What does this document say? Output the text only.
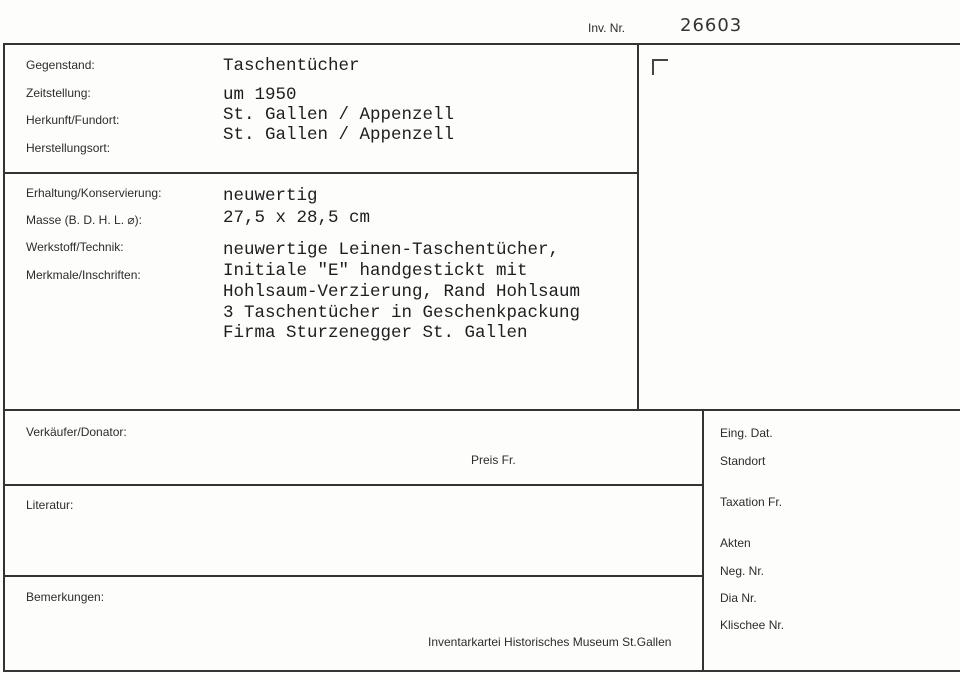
Inv. Nr.	26603
Gegenstand:
Zeitstellung:
Herkunft/Fundort:
Herstellungsort:
Taschentücher
um 1950
St. Gallen / Appenzell
St. Gallen / Appenzell
Erhaltung/Konservierung:
Masse (B. D. H. L. ⌀):
Werkstoff/Technik:
Merkmale/Inschriften:
neuwertig
27,5 x 28,5 cm
neuwertige Leinen-Taschentücher,
Initiale "E" handgestickt mit
Hohlsaum-Verzierung, Rand Hohlsaum
3 Taschentücher in Geschenkpackung
Firma Sturzenegger St. Gallen
Verkäufer/Donator:
Preis Fr.
Literatur:
Bemerkungen:
Inventarkartei Historisches Museum St.Gallen
Eing. Dat.
Standort
Taxation Fr.
Akten
Neg. Nr.
Dia Nr.
Klischee Nr.
